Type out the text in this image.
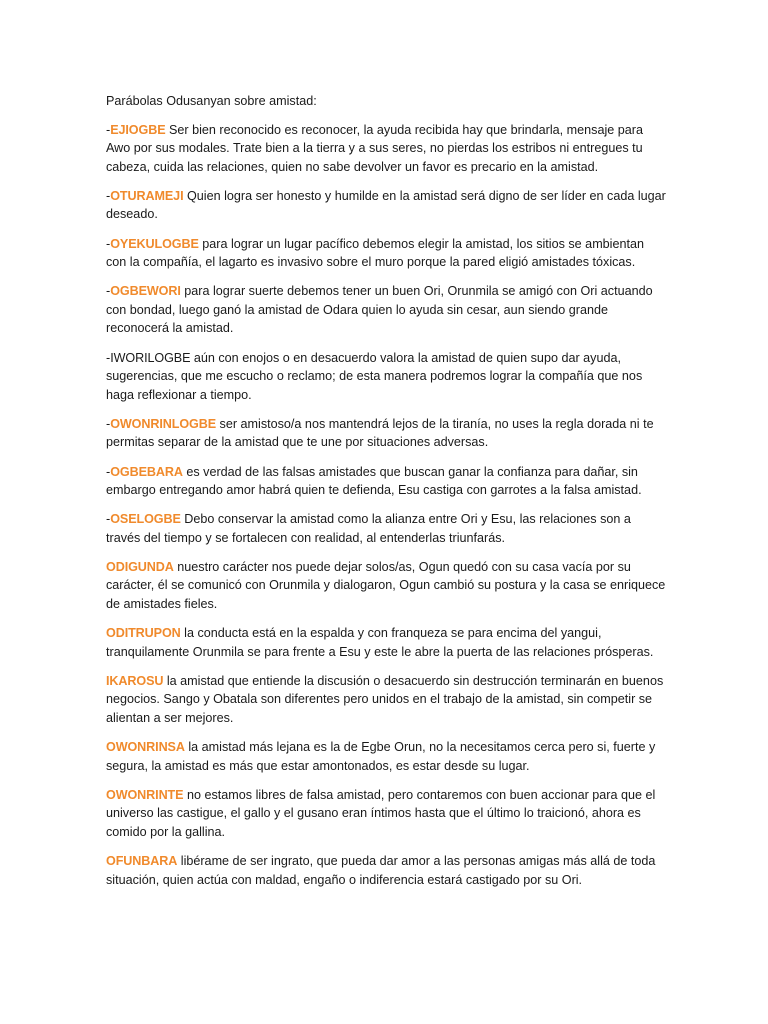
Parábolas Odusanyan sobre amistad:

-EJIOGBE Ser bien reconocido es reconocer, la ayuda recibida hay que brindarla, mensaje para Awo por sus modales. Trate bien a la tierra y a sus seres, no pierdas los estribos ni entregues tu cabeza, cuida las relaciones, quien no sabe devolver un favor es precario en la amistad.

-OTURAMEJI Quien logra ser honesto y humilde en la amistad será digno de ser líder en cada lugar deseado.

-OYEKULOGBE para lograr un lugar pacífico debemos elegir la amistad, los sitios se ambientan con la compañía, el lagarto es invasivo sobre el muro porque la pared eligió amistades tóxicas.

-OGBEWORI para lograr suerte debemos tener un buen Ori, Orunmila se amigó con Ori actuando con bondad, luego ganó la amistad de Odara quien lo ayuda sin cesar, aun siendo grande reconocerá la amistad.

-IWORILOGBE aún con enojos o en desacuerdo valora la amistad de quien supo dar ayuda, sugerencias, que me escucho o reclamo; de esta manera podremos lograr la compañía que nos haga reflexionar a tiempo.

-OWONRINLOGBE ser amistoso/a nos mantendrá lejos de la tiranía, no uses la regla dorada ni te permitas separar de la amistad que te une por situaciones adversas.

-OGBEBARA es verdad de las falsas amistades que buscan ganar la confianza para dañar, sin embargo entregando amor habrá quien te defienda, Esu castiga con garrotes a la falsa amistad.

-OSELOGBE Debo conservar la amistad como la alianza entre Ori y Esu, las relaciones son a través del tiempo y se fortalecen con realidad, al entenderlas triunfarás.

ODIGUNDA nuestro carácter nos puede dejar solos/as, Ogun quedó con su casa vacía por su carácter, él se comunicó con Orunmila y dialogaron, Ogun cambió su postura y la casa se enriquece de amistades fieles.

ODITRUPON la conducta está en la espalda y con franqueza se para encima del yangui, tranquilamente Orunmila se para frente a Esu y este le abre la puerta de las relaciones prósperas.

IKAROSU la amistad que entiende la discusión o desacuerdo sin destrucción terminarán en buenos negocios. Sango y Obatala son diferentes pero unidos en el trabajo de la amistad, sin competir se alientan a ser mejores.

OWONRINSA la amistad más lejana es la de Egbe Orun, no la necesitamos cerca pero si, fuerte y segura, la amistad es más que estar amontonados, es estar desde su lugar.

OWONRINTE no estamos libres de falsa amistad, pero contaremos con buen accionar para que el universo las castigue, el gallo y el gusano eran íntimos hasta que el último lo traicionó, ahora es comido por la gallina.

OFUNBARA libérame de ser ingrato, que pueda dar amor a las personas amigas más allá de toda situación, quien actúa con maldad, engaño o indiferencia estará castigado por su Ori.
